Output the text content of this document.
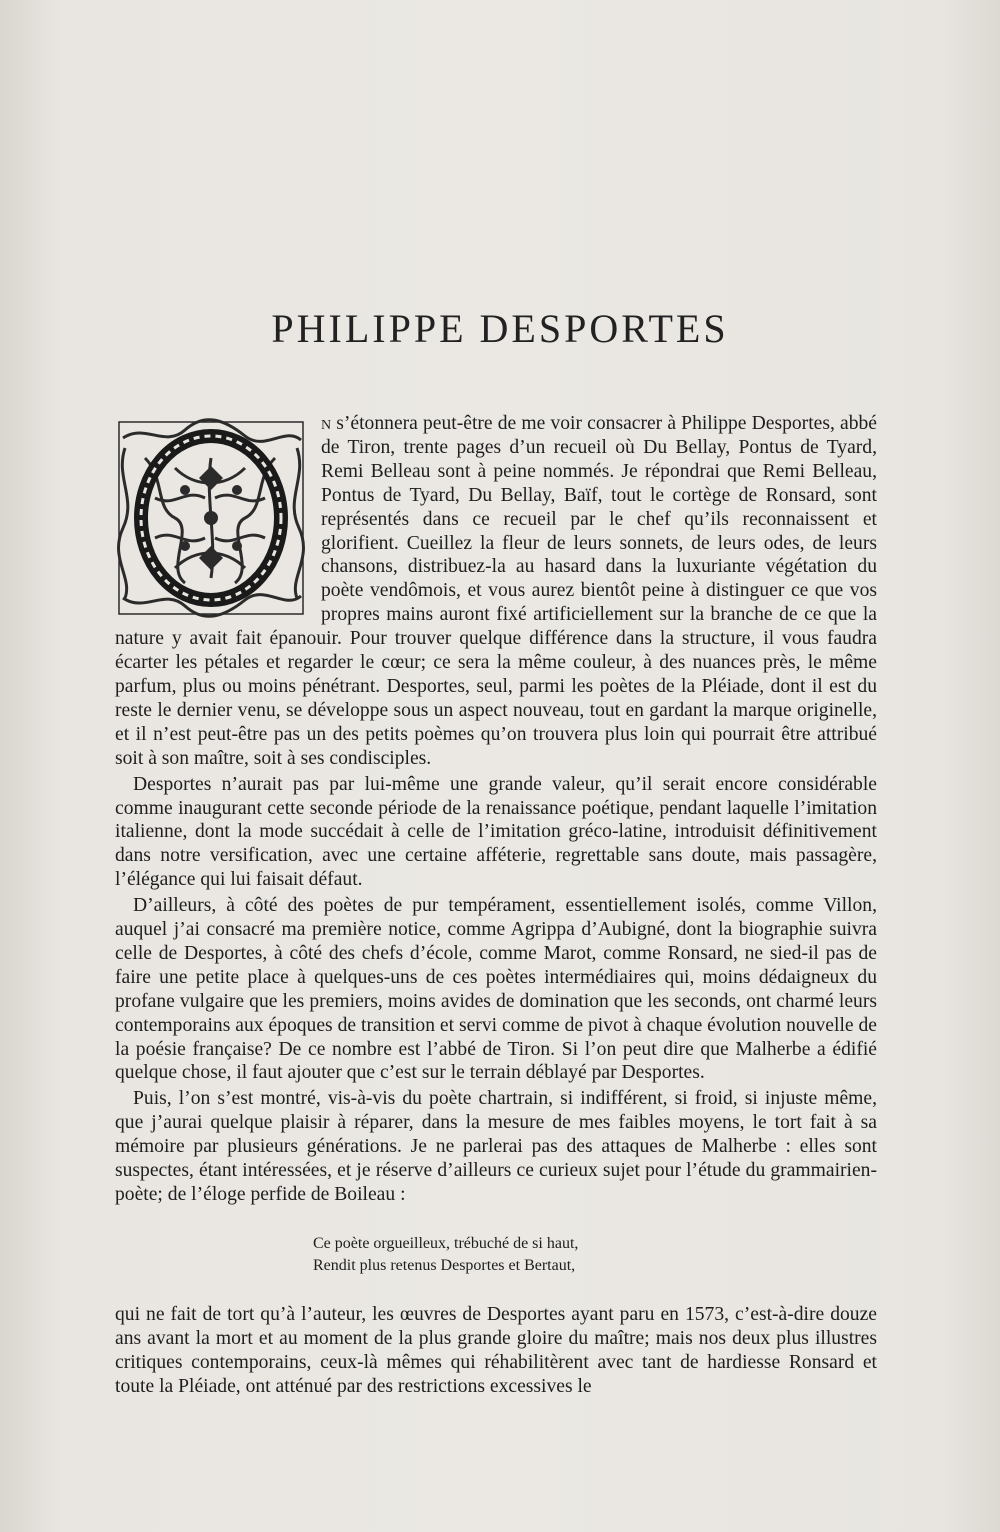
PHILIPPE DESPORTES

n s’étonnera peut-être de me voir consacrer à Philippe Desportes, abbé de Tiron, trente pages d’un recueil où Du Bellay, Pontus de Tyard, Remi Belleau sont à peine nommés. Je répondrai que Remi Belleau, Pontus de Tyard, Du Bellay, Baïf, tout le cortège de Ronsard, sont représentés dans ce recueil par le chef qu’ils reconnaissent et glorifient. Cueillez la fleur de leurs sonnets, de leurs odes, de leurs chansons, distribuez-la au hasard dans la luxuriante végétation du poète vendômois, et vous aurez bientôt peine à distinguer ce que vos propres mains auront fixé artificiellement sur la branche de ce que la nature y avait fait épanouir. Pour trouver quelque différence dans la structure, il vous faudra écarter les pétales et regarder le cœur; ce sera la même couleur, à des nuances près, le même parfum, plus ou moins pénétrant. Desportes, seul, parmi les poètes de la Pléiade, dont il est du reste le dernier venu, se développe sous un aspect nouveau, tout en gardant la marque originelle, et il n’est peut-être pas un des petits poèmes qu’on trouvera plus loin qui pourrait être attribué soit à son maître, soit à ses condisciples.

Desportes n’aurait pas par lui-même une grande valeur, qu’il serait encore considérable comme inaugurant cette seconde période de la renaissance poétique, pendant laquelle l’imitation italienne, dont la mode succédait à celle de l’imitation gréco-latine, introduisit définitivement dans notre versification, avec une certaine afféterie, regrettable sans doute, mais passagère, l’élégance qui lui faisait défaut.

D’ailleurs, à côté des poètes de pur tempérament, essentiellement isolés, comme Villon, auquel j’ai consacré ma première notice, comme Agrippa d’Aubigné, dont la biographie suivra celle de Desportes, à côté des chefs d’école, comme Marot, comme Ronsard, ne sied-il pas de faire une petite place à quelques-uns de ces poètes intermédiaires qui, moins dédaigneux du profane vulgaire que les premiers, moins avides de domination que les seconds, ont charmé leurs contemporains aux époques de transition et servi comme de pivot à chaque évolution nouvelle de la poésie française? De ce nombre est l’abbé de Tiron. Si l’on peut dire que Malherbe a édifié quelque chose, il faut ajouter que c’est sur le terrain déblayé par Desportes.

Puis, l’on s’est montré, vis-à-vis du poète chartrain, si indifférent, si froid, si injuste même, que j’aurai quelque plaisir à réparer, dans la mesure de mes faibles moyens, le tort fait à sa mémoire par plusieurs générations. Je ne parlerai pas des attaques de Malherbe : elles sont suspectes, étant intéressées, et je réserve d’ailleurs ce curieux sujet pour l’étude du grammairien-poète; de l’éloge perfide de Boileau :

Ce poète orgueilleux, trébuché de si haut,
Rendit plus retenus Desportes et Bertaut,

qui ne fait de tort qu’à l’auteur, les œuvres de Desportes ayant paru en 1573, c’est-à-dire douze ans avant la mort et au moment de la plus grande gloire du maître; mais nos deux plus illustres critiques contemporains, ceux-là mêmes qui réhabilitèrent avec tant de hardiesse Ronsard et toute la Pléiade, ont atténué par des restrictions excessives le
